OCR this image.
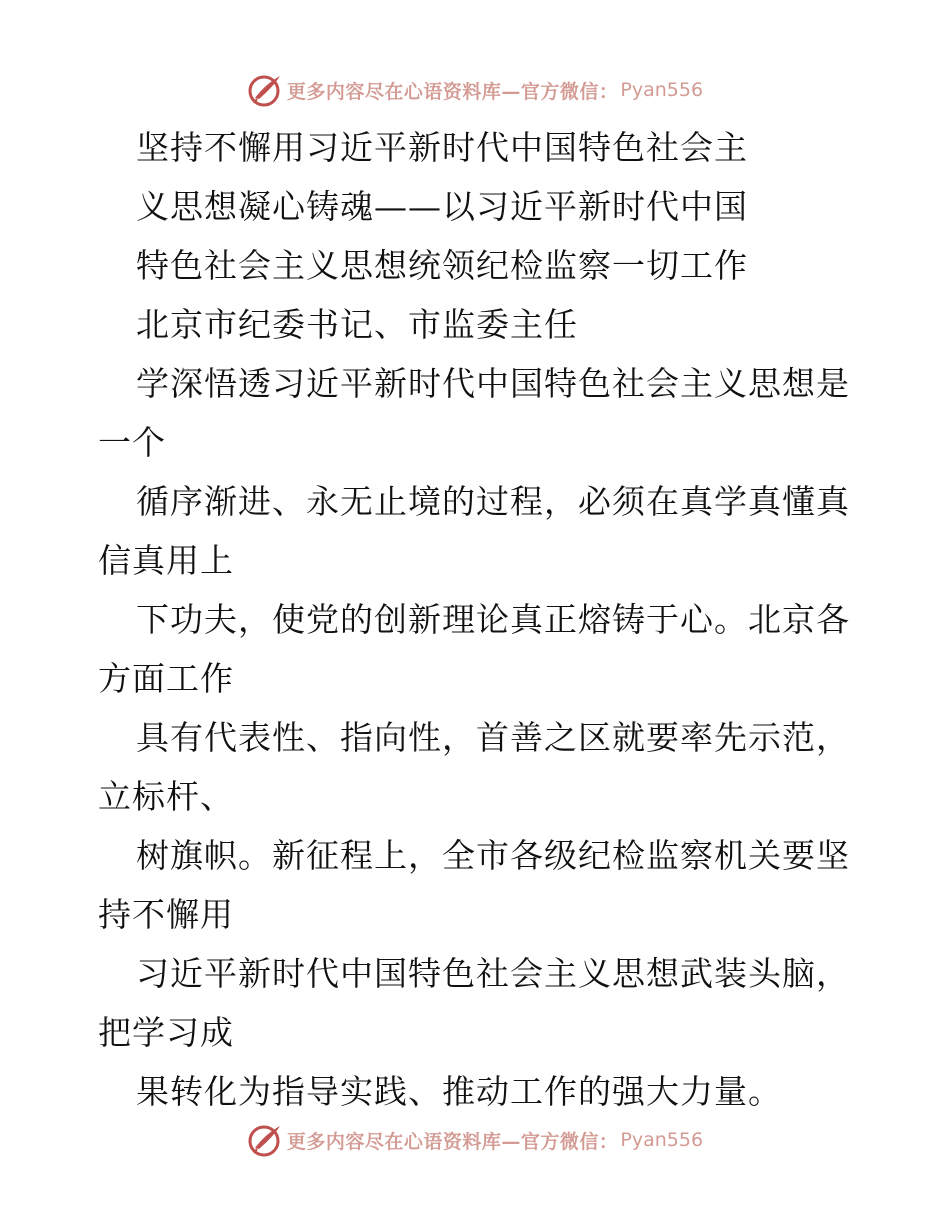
更多内容尽在心语资料库—官方微信： Pyan556
坚持不懈用习近平新时代中国特色社会主
义思想凝心铸魂——以习近平新时代中国
特色社会主义思想统领纪检监察一切工作
北京市纪委书记、市监委主任
学深悟透习近平新时代中国特色社会主义思想是
一个
循序渐进、永无止境的过程，必须在真学真懂真
信真用上
下功夫，使党的创新理论真正熔铸于心。北京各
方面工作
具有代表性、指向性，首善之区就要率先示范，
立标杆、
树旗帜。新征程上，全市各级纪检监察机关要坚
持不懈用
习近平新时代中国特色社会主义思想武装头脑，
把学习成
果转化为指导实践、推动工作的强大力量。
更多内容尽在心语资料库—官方微信： Pyan556
